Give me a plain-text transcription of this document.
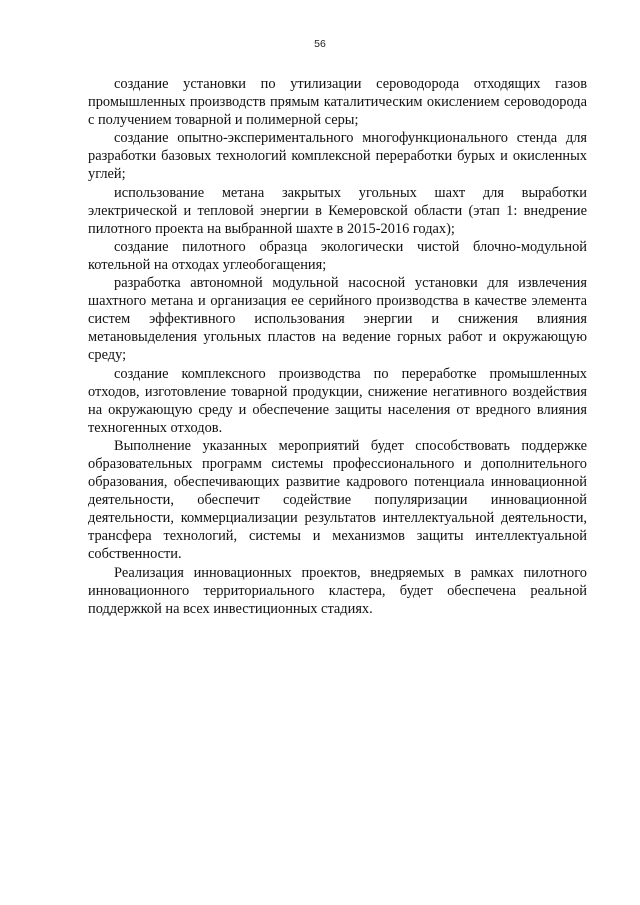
56

создание установки по утилизации сероводорода отходящих газов промышленных производств прямым каталитическим окислением сероводорода с получением товарной и полимерной серы;

создание опытно-экспериментального многофункционального стенда для разработки базовых технологий комплексной переработки бурых и окисленных углей;

использование метана закрытых угольных шахт для выработки электрической и тепловой энергии в Кемеровской области (этап 1: внедрение пилотного проекта на выбранной шахте в 2015-2016 годах);

создание пилотного образца экологически чистой блочно-модульной котельной на отходах углеобогащения;

разработка автономной модульной насосной установки для извлечения шахтного метана и организация ее серийного производства в качестве элемента систем эффективного использования энергии и снижения влияния метановыделения угольных пластов на ведение горных работ и окружающую среду;

создание комплексного производства по переработке промышленных отходов, изготовление товарной продукции, снижение негативного воздействия на окружающую среду и обеспечение защиты населения от вредного влияния техногенных отходов.

Выполнение указанных мероприятий будет способствовать поддержке образовательных программ системы профессионального и дополнительного образования, обеспечивающих развитие кадрового потенциала инновационной деятельности, обеспечит содействие популяризации инновационной деятельности, коммерциализации результатов интеллектуальной деятельности, трансфера технологий, системы и механизмов защиты интеллектуальной собственности.

Реализация инновационных проектов, внедряемых в рамках пилотного инновационного территориального кластера, будет обеспечена реальной поддержкой на всех инвестиционных стадиях.
